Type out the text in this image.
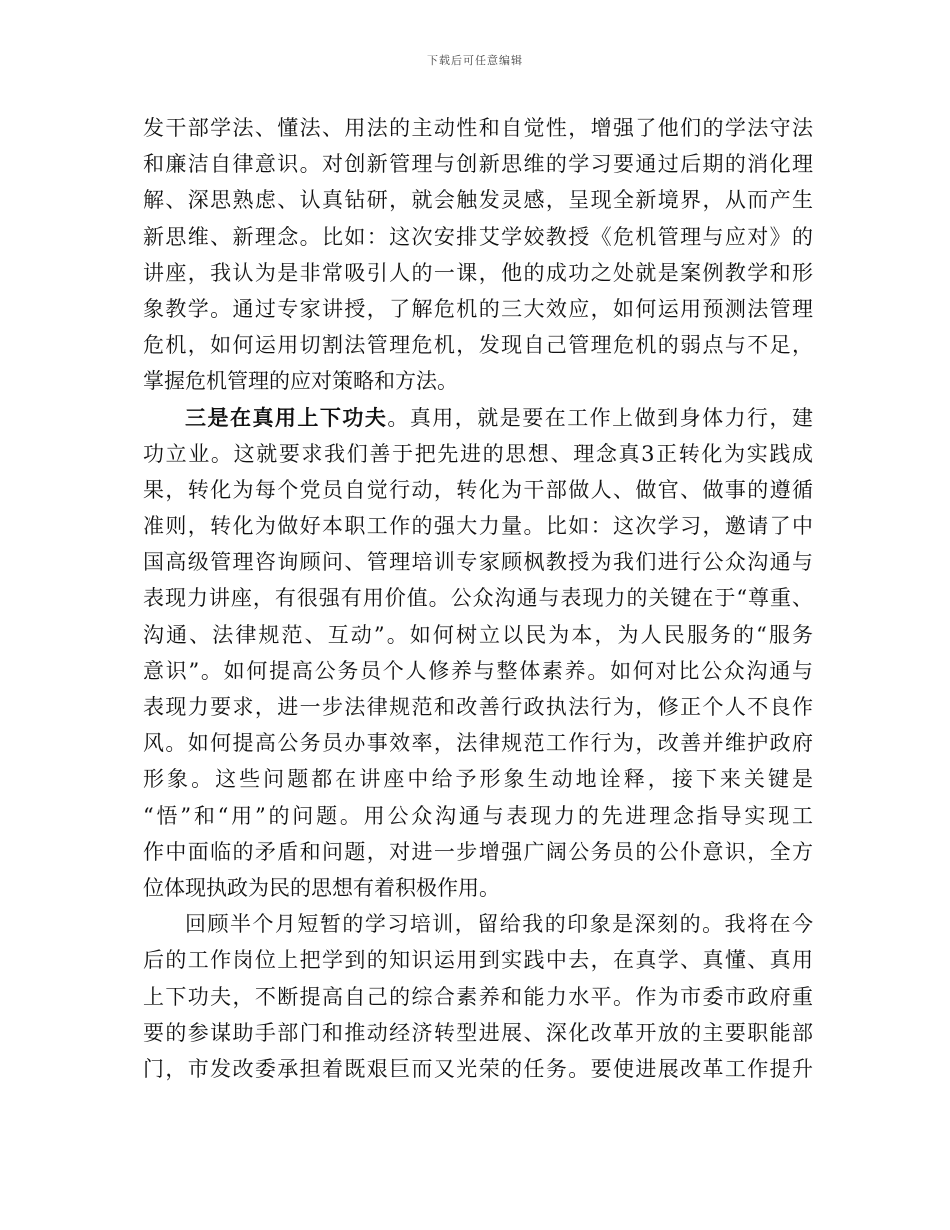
下载后可任意编辑
发干部学法、懂法、用法的主动性和自觉性，增强了他们的学法守法
和廉洁自律意识。对创新管理与创新思维的学习要通过后期的消化理
解、深思熟虑、认真钻研，就会触发灵感，呈现全新境界，从而产生
新思维、新理念。比如：这次安排艾学姣教授《危机管理与应对》的
讲座，我认为是非常吸引人的一课，他的成功之处就是案例教学和形
象教学。通过专家讲授，了解危机的三大效应，如何运用预测法管理
危机，如何运用切割法管理危机，发现自己管理危机的弱点与不足，
掌握危机管理的应对策略和方法。
三是在真用上下功夫。真用，就是要在工作上做到身体力行，建
功立业。这就要求我们善于把先进的思想、理念真3正转化为实践成
果，转化为每个党员自觉行动，转化为干部做人、做官、做事的遵循
准则，转化为做好本职工作的强大力量。比如：这次学习，邀请了中
国高级管理咨询顾问、管理培训专家顾枫教授为我们进行公众沟通与
表现力讲座，有很强有用价值。公众沟通与表现力的关键在于“尊重、
沟通、法律规范、互动”。如何树立以民为本，为人民服务的“服务
意识”。如何提高公务员个人修养与整体素养。如何对比公众沟通与
表现力要求，进一步法律规范和改善行政执法行为，修正个人不良作
风。如何提高公务员办事效率，法律规范工作行为，改善并维护政府
形象。这些问题都在讲座中给予形象生动地诠释，接下来关键是
“悟”和“用”的问题。用公众沟通与表现力的先进理念指导实现工
作中面临的矛盾和问题，对进一步增强广阔公务员的公仆意识，全方
位体现执政为民的思想有着积极作用。
回顾半个月短暂的学习培训，留给我的印象是深刻的。我将在今
后的工作岗位上把学到的知识运用到实践中去，在真学、真懂、真用
上下功夫，不断提高自己的综合素养和能力水平。作为市委市政府重
要的参谋助手部门和推动经济转型进展、深化改革开放的主要职能部
门，市发改委承担着既艰巨而又光荣的任务。要使进展改革工作提升
